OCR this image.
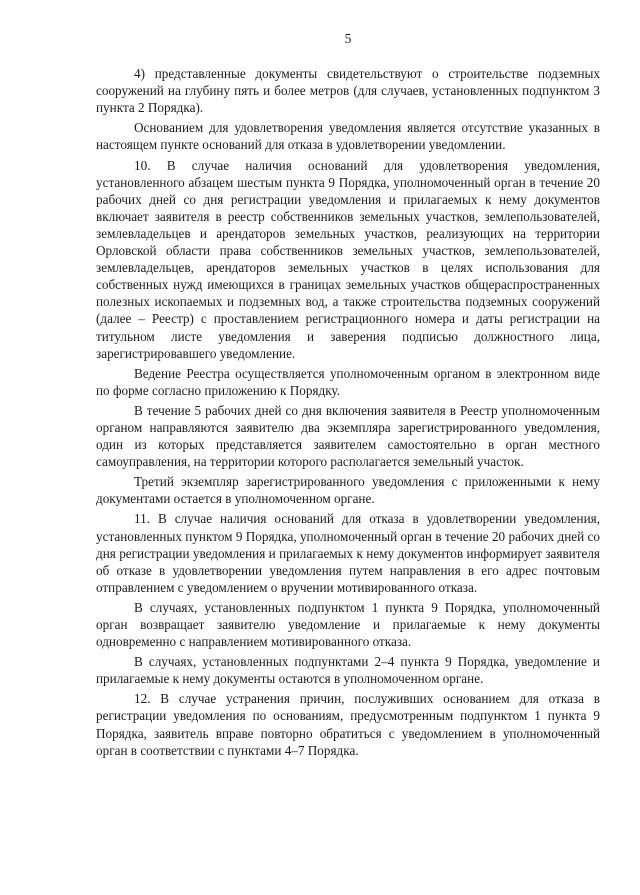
5

4) представленные документы свидетельствуют о строительстве подземных сооружений на глубину пять и более метров (для случаев, установленных подпунктом 3 пункта 2 Порядка).

Основанием для удовлетворения уведомления является отсутствие указанных в настоящем пункте оснований для отказа в удовлетворении уведомлении.

10. В случае наличия оснований для удовлетворения уведомления, установленного абзацем шестым пункта 9 Порядка, уполномоченный орган в течение 20 рабочих дней со дня регистрации уведомления и прилагаемых к нему документов включает заявителя в реестр собственников земельных участков, землепользователей, землевладельцев и арендаторов земельных участков, реализующих на территории Орловской области права собственников земельных участков, землепользователей, землевладельцев, арендаторов земельных участков в целях использования для собственных нужд имеющихся в границах земельных участков общераспространенных полезных ископаемых и подземных вод, а также строительства подземных сооружений (далее – Реестр) с проставлением регистрационного номера и даты регистрации на титульном листе уведомления и заверения подписью должностного лица, зарегистрировавшего уведомление.

Ведение Реестра осуществляется уполномоченным органом в электронном виде по форме согласно приложению к Порядку.

В течение 5 рабочих дней со дня включения заявителя в Реестр уполномоченным органом направляются заявителю два экземпляра зарегистрированного уведомления, один из которых представляется заявителем самостоятельно в орган местного самоуправления, на территории которого располагается земельный участок.

Третий экземпляр зарегистрированного уведомления с приложенными к нему документами остается в уполномоченном органе.

11. В случае наличия оснований для отказа в удовлетворении уведомления, установленных пунктом 9 Порядка, уполномоченный орган в течение 20 рабочих дней со дня регистрации уведомления и прилагаемых к нему документов информирует заявителя об отказе в удовлетворении уведомления путем направления в его адрес почтовым отправлением с уведомлением о вручении мотивированного отказа.

В случаях, установленных подпунктом 1 пункта 9 Порядка, уполномоченный орган возвращает заявителю уведомление и прилагаемые к нему документы одновременно с направлением мотивированного отказа.

В случаях, установленных подпунктами 2–4 пункта 9 Порядка, уведомление и прилагаемые к нему документы остаются в уполномоченном органе.

12. В случае устранения причин, послуживших основанием для отказа в регистрации уведомления по основаниям, предусмотренным подпунктом 1 пункта 9 Порядка, заявитель вправе повторно обратиться с уведомлением в уполномоченный орган в соответствии с пунктами 4–7 Порядка.
